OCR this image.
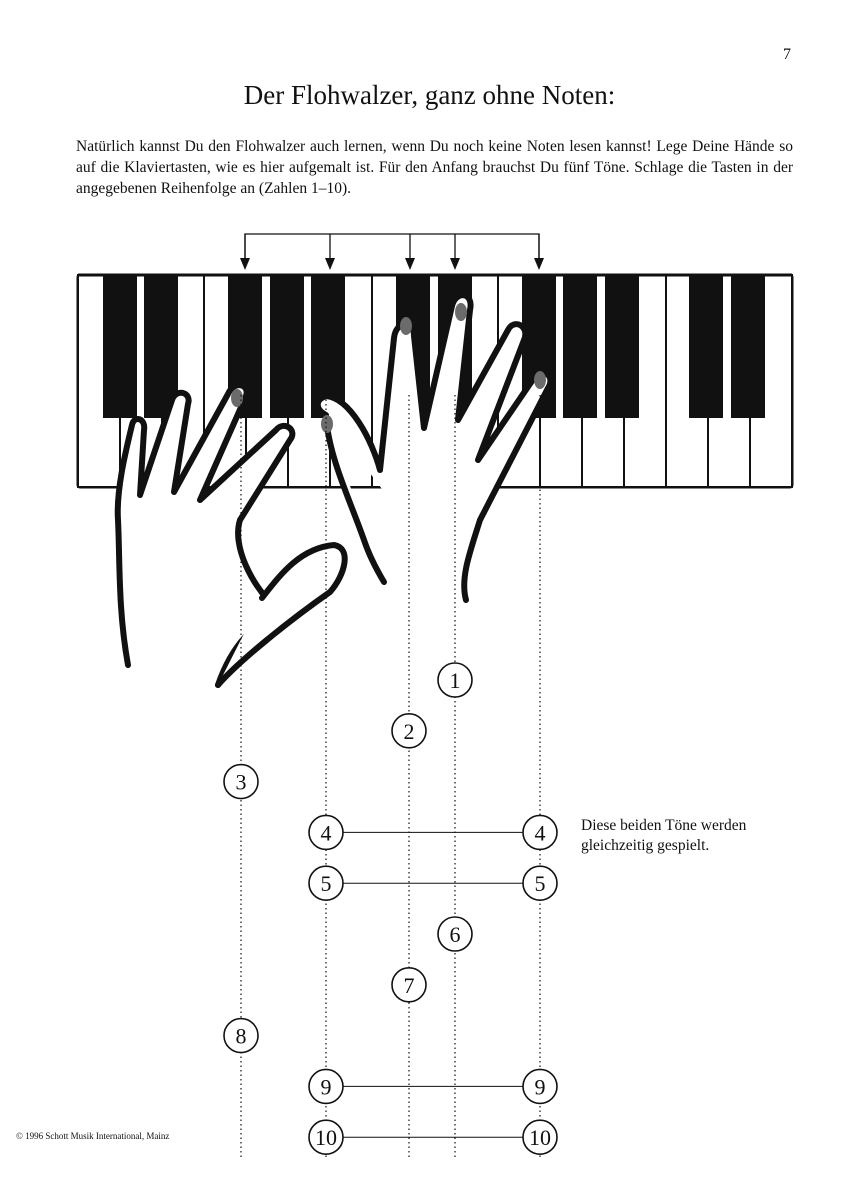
7
Der Flohwalzer, ganz ohne Noten:

Natürlich kannst Du den Flohwalzer auch lernen, wenn Du noch keine Noten lesen kannst! Lege Deine Hände so auf die Klaviertasten, wie es hier aufgemalt ist. Für den Anfang brauchst Du fünf Töne. Schlage die Tasten in der angegebenen Reihenfolge an (Zahlen 1–10).

1
2
3
4	4
5	5
6
7
8
9	9
10	10

Diese beiden Töne werden gleichzeitig gespielt.

© 1996 Schott Musik International, Mainz
